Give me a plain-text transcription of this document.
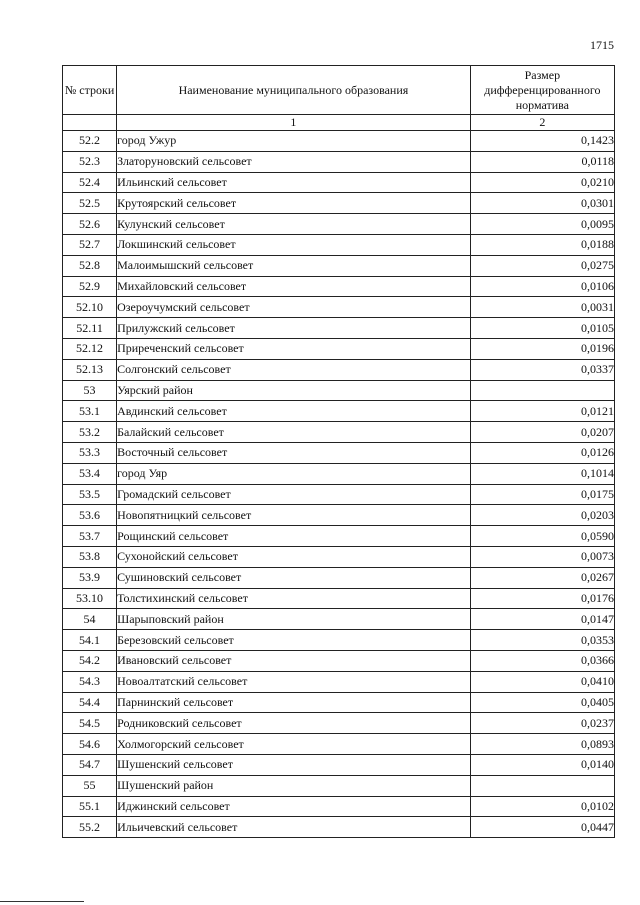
1715
№ строки	Наименование муниципального образования	Размер дифференцированного норматива
	1	2
52.2	город Ужур	0,1423
52.3	Златоруновский сельсовет	0,0118
52.4	Ильинский сельсовет	0,0210
52.5	Крутоярский сельсовет	0,0301
52.6	Кулунский сельсовет	0,0095
52.7	Локшинский сельсовет	0,0188
52.8	Малоимышский сельсовет	0,0275
52.9	Михайловский сельсовет	0,0106
52.10	Озероучумский сельсовет	0,0031
52.11	Прилужский сельсовет	0,0105
52.12	Приреченский сельсовет	0,0196
52.13	Солгонский сельсовет	0,0337
53	Уярский район	
53.1	Авдинский сельсовет	0,0121
53.2	Балайский сельсовет	0,0207
53.3	Восточный сельсовет	0,0126
53.4	город Уяр	0,1014
53.5	Громадский сельсовет	0,0175
53.6	Новопятницкий сельсовет	0,0203
53.7	Рощинский сельсовет	0,0590
53.8	Сухонойский сельсовет	0,0073
53.9	Сушиновский сельсовет	0,0267
53.10	Толстихинский сельсовет	0,0176
54	Шарыповский район	0,0147
54.1	Березовский сельсовет	0,0353
54.2	Ивановский сельсовет	0,0366
54.3	Новоалтатский сельсовет	0,0410
54.4	Парнинский сельсовет	0,0405
54.5	Родниковский сельсовет	0,0237
54.6	Холмогорский сельсовет	0,0893
54.7	Шушенский сельсовет	0,0140
55	Шушенский район	
55.1	Иджинский сельсовет	0,0102
55.2	Ильичевский сельсовет	0,0447
